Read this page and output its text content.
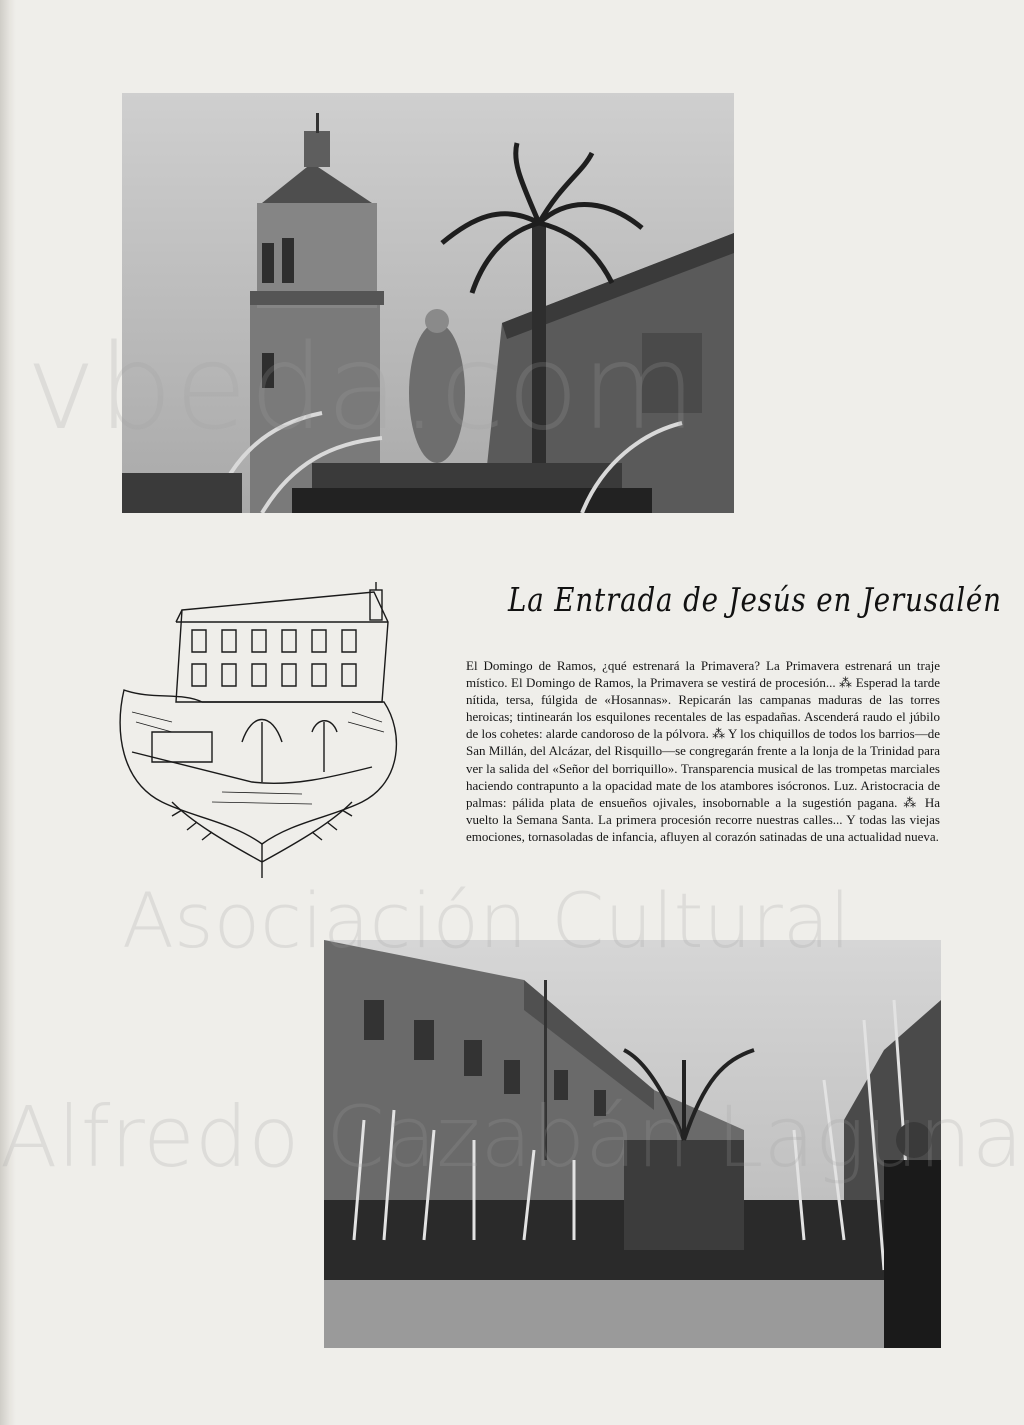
La Entrada de Jesús en Jerusalén

El Domingo de Ramos, ¿qué estrenará la Primavera? La Primavera estrenará un traje místico. El Domingo de Ramos, la Primavera se vestirá de procesión... ⁂ Esperad la tarde nítida, tersa, fúlgida de «Hosannas». Repicarán las campanas maduras de las torres heroicas; tintinearán los esquilones recentales de las espadañas. Ascenderá raudo el júbilo de los cohetes: alarde candoroso de la pólvora. ⁂ Y los chiquillos de todos los barrios—de San Millán, del Alcázar, del Risquillo—se congregarán frente a la lonja de la Trinidad para ver la salida del «Señor del borriquillo». Transparencia musical de las trompetas marciales haciendo contrapunto a la opacidad mate de los atambores isócronos. Luz. Aristocracia de palmas: pálida plata de ensueños ojivales, insobornable a la sugestión pagana. ⁂ Ha vuelto la Semana Santa. La primera procesión recorre nuestras calles... Y todas las viejas emociones, tornasoladas de infancia, afluyen al corazón satinadas de una actualidad nueva.

vbeda.com
Asociación Cultural
Alfredo Cazabán Laguna
